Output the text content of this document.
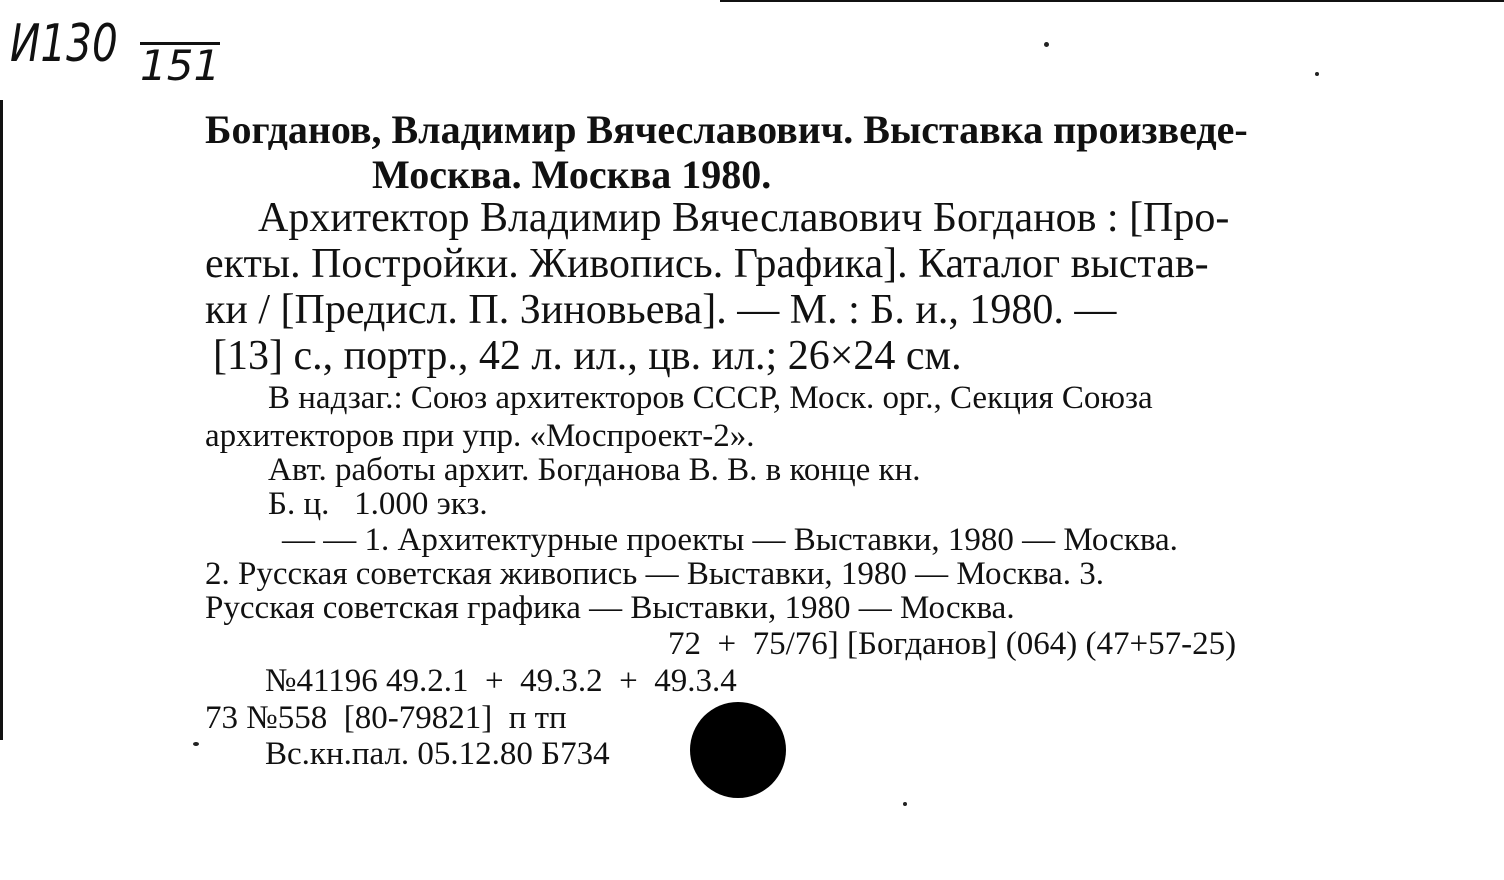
И130 151
Богданов, Владимир Вячеславович. Выставка произведе-
Москва. Москва 1980.
Архитектор Владимир Вячеславович Богданов : [Про-
екты. Постройки. Живопись. Графика]. Каталог выстав-
ки / [Предисл. П. Зиновьева]. — М. : Б. и., 1980. —
[13] с., портр., 42 л. ил., цв. ил.; 26×24 см.
В надзаг.: Союз архитекторов СССР, Моск. орг., Секция Союза
архитекторов при упр. «Моспроект-2».
Авт. работы архит. Богданова В. В. в конце кн.
Б. ц.   1.000 экз.
— — 1. Архитектурные проекты — Выставки, 1980 — Москва.
2. Русская советская живопись — Выставки, 1980 — Москва. 3.
Русская советская графика — Выставки, 1980 — Москва.
72  +  75/76] [Богданов] (064) (47+57-25)
№41196 49.2.1  +  49.3.2  +  49.3.4
73 №558  [80-79821]  п тп
Вс.кн.пал. 05.12.80 Б734
